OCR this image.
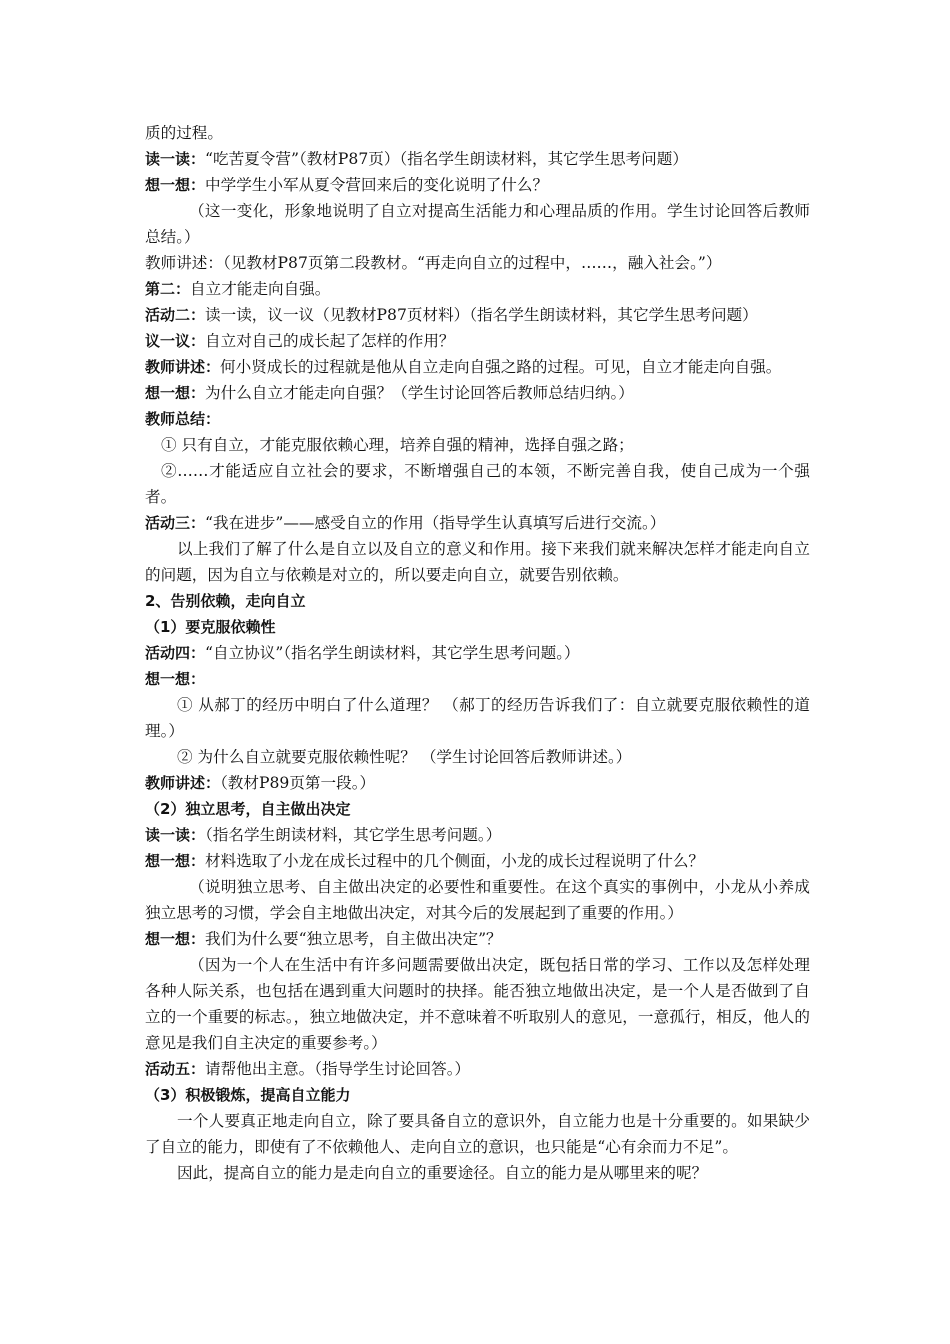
质的过程。

读一读：“吃苦夏令营”（教材P87页）（指名学生朗读材料，其它学生思考问题）

想一想：中学学生小军从夏令营回来后的变化说明了什么？

（这一变化，形象地说明了自立对提高生活能力和心理品质的作用。学生讨论回答后教师总结。）

教师讲述：（见教材P87页第二段教材。“再走向自立的过程中，……，融入社会。”）

第二：自立才能走向自强。

活动二：读一读，议一议（见教材P87页材料）（指名学生朗读材料，其它学生思考问题）

议一议：自立对自己的成长起了怎样的作用？

教师讲述：何小贤成长的过程就是他从自立走向自强之路的过程。可见，自立才能走向自强。

想一想：为什么自立才能走向自强？（学生讨论回答后教师总结归纳。）

教师总结：

① 只有自立，才能克服依赖心理，培养自强的精神，选择自强之路；

②……才能适应自立社会的要求，不断增强自己的本领，不断完善自我，使自己成为一个强者。

活动三：“我在进步”——感受自立的作用（指导学生认真填写后进行交流。）

以上我们了解了什么是自立以及自立的意义和作用。接下来我们就来解决怎样才能走向自立的问题，因为自立与依赖是对立的，所以要走向自立，就要告别依赖。

2、告别依赖，走向自立

（1）要克服依赖性

活动四：“自立协议”（指名学生朗读材料，其它学生思考问题。）

想一想：

① 从郝丁的经历中明白了什么道理？ （郝丁的经历告诉我们了：自立就要克服依赖性的道理。）

② 为什么自立就要克服依赖性呢？ （学生讨论回答后教师讲述。）

教师讲述：（教材P89页第一段。）

（2）独立思考，自主做出决定

读一读：（指名学生朗读材料，其它学生思考问题。）

想一想：材料选取了小龙在成长过程中的几个侧面，小龙的成长过程说明了什么？

（说明独立思考、自主做出决定的必要性和重要性。在这个真实的事例中，小龙从小养成独立思考的习惯，学会自主地做出决定，对其今后的发展起到了重要的作用。）

想一想：我们为什么要“独立思考，自主做出决定”？

（因为一个人在生活中有许多问题需要做出决定，既包括日常的学习、工作以及怎样处理各种人际关系，也包括在遇到重大问题时的抉择。能否独立地做出决定，是一个人是否做到了自立的一个重要的标志。，独立地做决定，并不意味着不听取别人的意见，一意孤行，相反，他人的意见是我们自主决定的重要参考。）

活动五：请帮他出主意。（指导学生讨论回答。）

（3）积极锻炼，提高自立能力

一个人要真正地走向自立，除了要具备自立的意识外，自立能力也是十分重要的。如果缺少了自立的能力，即使有了不依赖他人、走向自立的意识，也只能是“心有余而力不足”。

因此，提高自立的能力是走向自立的重要途径。自立的能力是从哪里来的呢？
